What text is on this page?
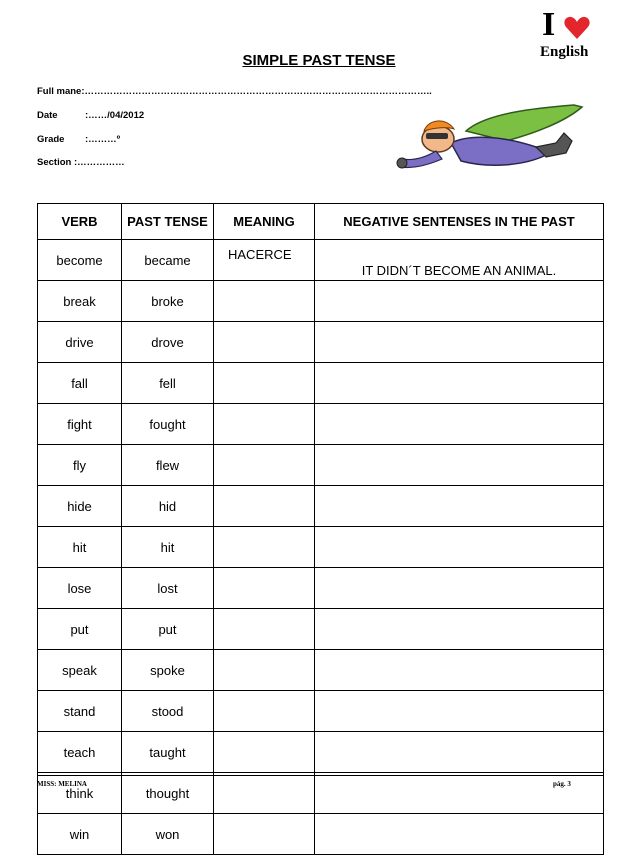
SIMPLE PAST TENSE
I
English
Full mane:………………………………………………………………………………………………..
Date	:……/04/2012
Grade :………º
Section :……………
VERB	PAST TENSE	MEANING	NEGATIVE SENTENSES IN THE PAST
become	became	HACERCE	IT DIDN´T BECOME AN ANIMAL.
break	broke		
drive	drove		
fall	fell		
fight	fought		
fly	flew		
hide	hid		
hit	hit		
lose	lost		
put	put		
speak	spoke		
stand	stood		
teach	taught		
think	thought		
win	won		
MISS: MELINA	pág. 3
